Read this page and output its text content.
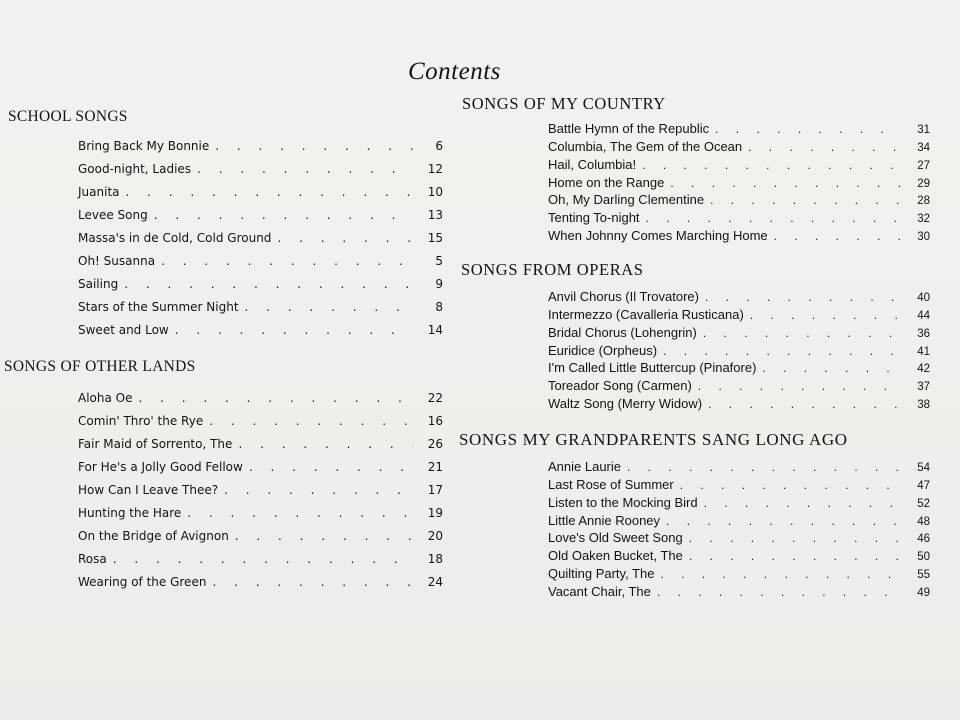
Contents
SCHOOL SONGS
Bring Back My Bonnie . . .	6
Good-night, Ladies . . .	12
Juanita . . .	10
Levee Song . . .	13
Massa's in de Cold, Cold Ground . . .	15
Oh! Susanna . . .	5
Sailing . . .	9
Stars of the Summer Night . . .	8
Sweet and Low . . .	14
SONGS OF OTHER LANDS
Aloha Oe . . .	22
Comin' Thro' the Rye . . .	16
Fair Maid of Sorrento, The . . .	26
For He's a Jolly Good Fellow . . .	21
How Can I Leave Thee? . . .	17
Hunting the Hare . . .	19
On the Bridge of Avignon . . .	20
Rosa . . .	18
Wearing of the Green . . .	24
SONGS OF MY COUNTRY
Battle Hymn of the Republic . . .	31
Columbia, The Gem of the Ocean . . .	34
Hail, Columbia! . . .	27
Home on the Range . . .	29
Oh, My Darling Clementine . . .	28
Tenting To-night . . .	32
When Johnny Comes Marching Home . . .	30
SONGS FROM OPERAS
Anvil Chorus (Il Trovatore) . . .	40
Intermezzo (Cavalleria Rusticana) . . .	44
Bridal Chorus (Lohengrin) . . .	36
Euridice (Orpheus) . . .	41
I'm Called Little Buttercup (Pinafore) . . .	42
Toreador Song (Carmen) . . .	37
Waltz Song (Merry Widow) . . .	38
SONGS MY GRANDPARENTS SANG LONG AGO
Annie Laurie . . .	54
Last Rose of Summer . . .	47
Listen to the Mocking Bird . . .	52
Little Annie Rooney . . .	48
Love's Old Sweet Song . . .	46
Old Oaken Bucket, The . . .	50
Quilting Party, The . . .	55
Vacant Chair, The . . .	49
